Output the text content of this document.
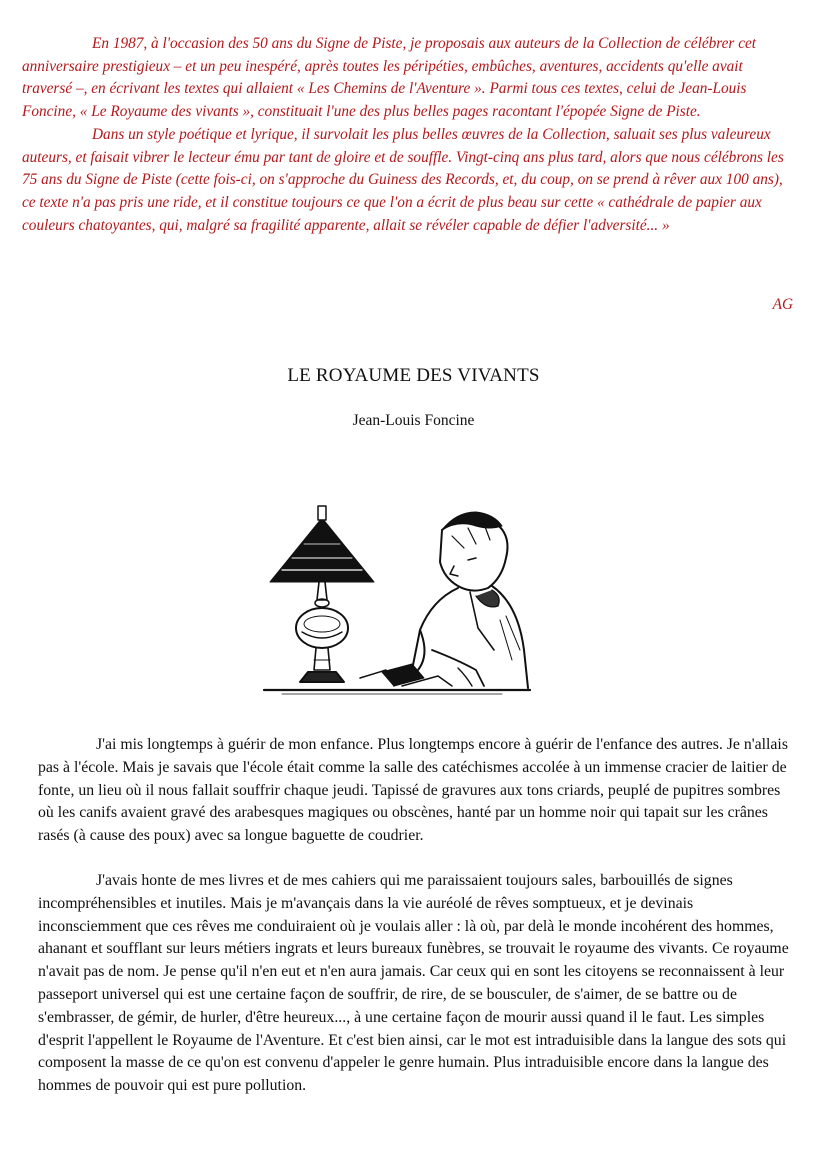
En 1987, à l'occasion des 50 ans du Signe de Piste, je proposais aux auteurs de la Collection de célébrer cet anniversaire prestigieux – et un peu inespéré, après toutes les péripéties, embûches, aventures, accidents qu'elle avait traversé –, en écrivant les textes qui allaient « Les Chemins de l'Aventure ». Parmi tous ces textes, celui de Jean-Louis Foncine, « Le Royaume des vivants », constituait l'une des plus belles pages racontant l'épopée Signe de Piste.

Dans un style poétique et lyrique, il survolait les plus belles œuvres de la Collection, saluait ses plus valeureux auteurs, et faisait vibrer le lecteur ému par tant de gloire et de souffle. Vingt-cinq ans plus tard, alors que nous célébrons les 75 ans du Signe de Piste (cette fois-ci, on s'approche du Guiness des Records, et, du coup, on se prend à rêver aux 100 ans), ce texte n'a pas pris une ride, et il constitue toujours ce que l'on a écrit de plus beau sur cette « cathédrale de papier aux couleurs chatoyantes, qui, malgré sa fragilité apparente, allait se révéler capable de défier l'adversité... »

AG
LE ROYAUME DES VIVANTS
Jean-Louis Foncine

J'ai mis longtemps à guérir de mon enfance. Plus longtemps encore à guérir de l'enfance des autres. Je n'allais pas à l'école. Mais je savais que l'école était comme la salle des catéchismes accolée à un immense cracier de laitier de fonte, un lieu où il nous fallait souffrir chaque jeudi. Tapissé de gravures aux tons criards, peuplé de pupitres sombres où les canifs avaient gravé des arabesques magiques ou obscènes, hanté par un homme noir qui tapait sur les crânes rasés (à cause des poux) avec sa longue baguette de coudrier.

J'avais honte de mes livres et de mes cahiers qui me paraissaient toujours sales, barbouillés de signes incompréhensibles et inutiles. Mais je m'avançais dans la vie auréolé de rêves somptueux, et je devinais inconsciemment que ces rêves me conduiraient où je voulais aller : là où, par delà le monde incohérent des hommes, ahanant et soufflant sur leurs métiers ingrats et leurs bureaux funèbres, se trouvait le royaume des vivants. Ce royaume n'avait pas de nom. Je pense qu'il n'en eut et n'en aura jamais. Car ceux qui en sont les citoyens se reconnaissent à leur passeport universel qui est une certaine façon de souffrir, de rire, de se bousculer, de s'aimer, de se battre ou de s'embrasser, de gémir, de hurler, d'être heureux..., à une certaine façon de mourir aussi quand il le faut. Les simples d'esprit l'appellent le Royaume de l'Aventure. Et c'est bien ainsi, car le mot est intraduisible dans la langue des sots qui composent la masse de ce qu'on est convenu d'appeler le genre humain. Plus intraduisible encore dans la langue des hommes de pouvoir qui est pure pollution.
